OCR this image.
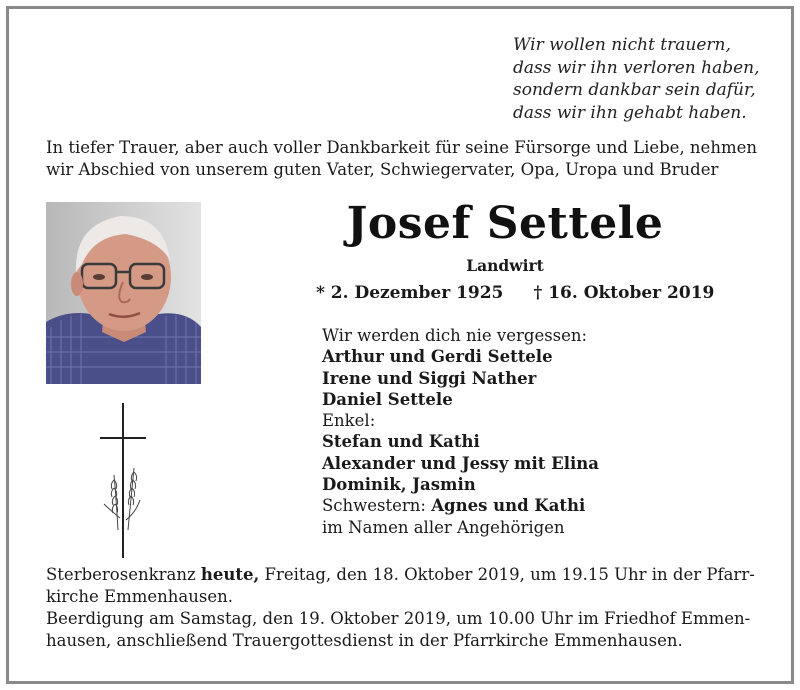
Wir wollen nicht trauern,
dass wir ihn verloren haben,
sondern dankbar sein dafür,
dass wir ihn gehabt haben.
In tiefer Trauer, aber auch voller Dankbarkeit für seine Fürsorge und Liebe, nehmen
wir Abschied von unserem guten Vater, Schwiegervater, Opa, Uropa und Bruder
Josef Settele
Landwirt
* 2. Dezember 1925 † 16. Oktober 2019
Wir werden dich nie vergessen:
Arthur und Gerdi Settele
Irene und Siggi Nather
Daniel Settele
Enkel:
Stefan und Kathi
Alexander und Jessy mit Elina
Dominik, Jasmin
Schwestern: Agnes und Kathi
im Namen aller Angehörigen
Sterberosenkranz heute, Freitag, den 18. Oktober 2019, um 19.15 Uhr in der Pfarr-
kirche Emmenhausen.
Beerdigung am Samstag, den 19. Oktober 2019, um 10.00 Uhr im Friedhof Emmen-
hausen, anschließend Trauergottesdienst in der Pfarrkirche Emmenhausen.
